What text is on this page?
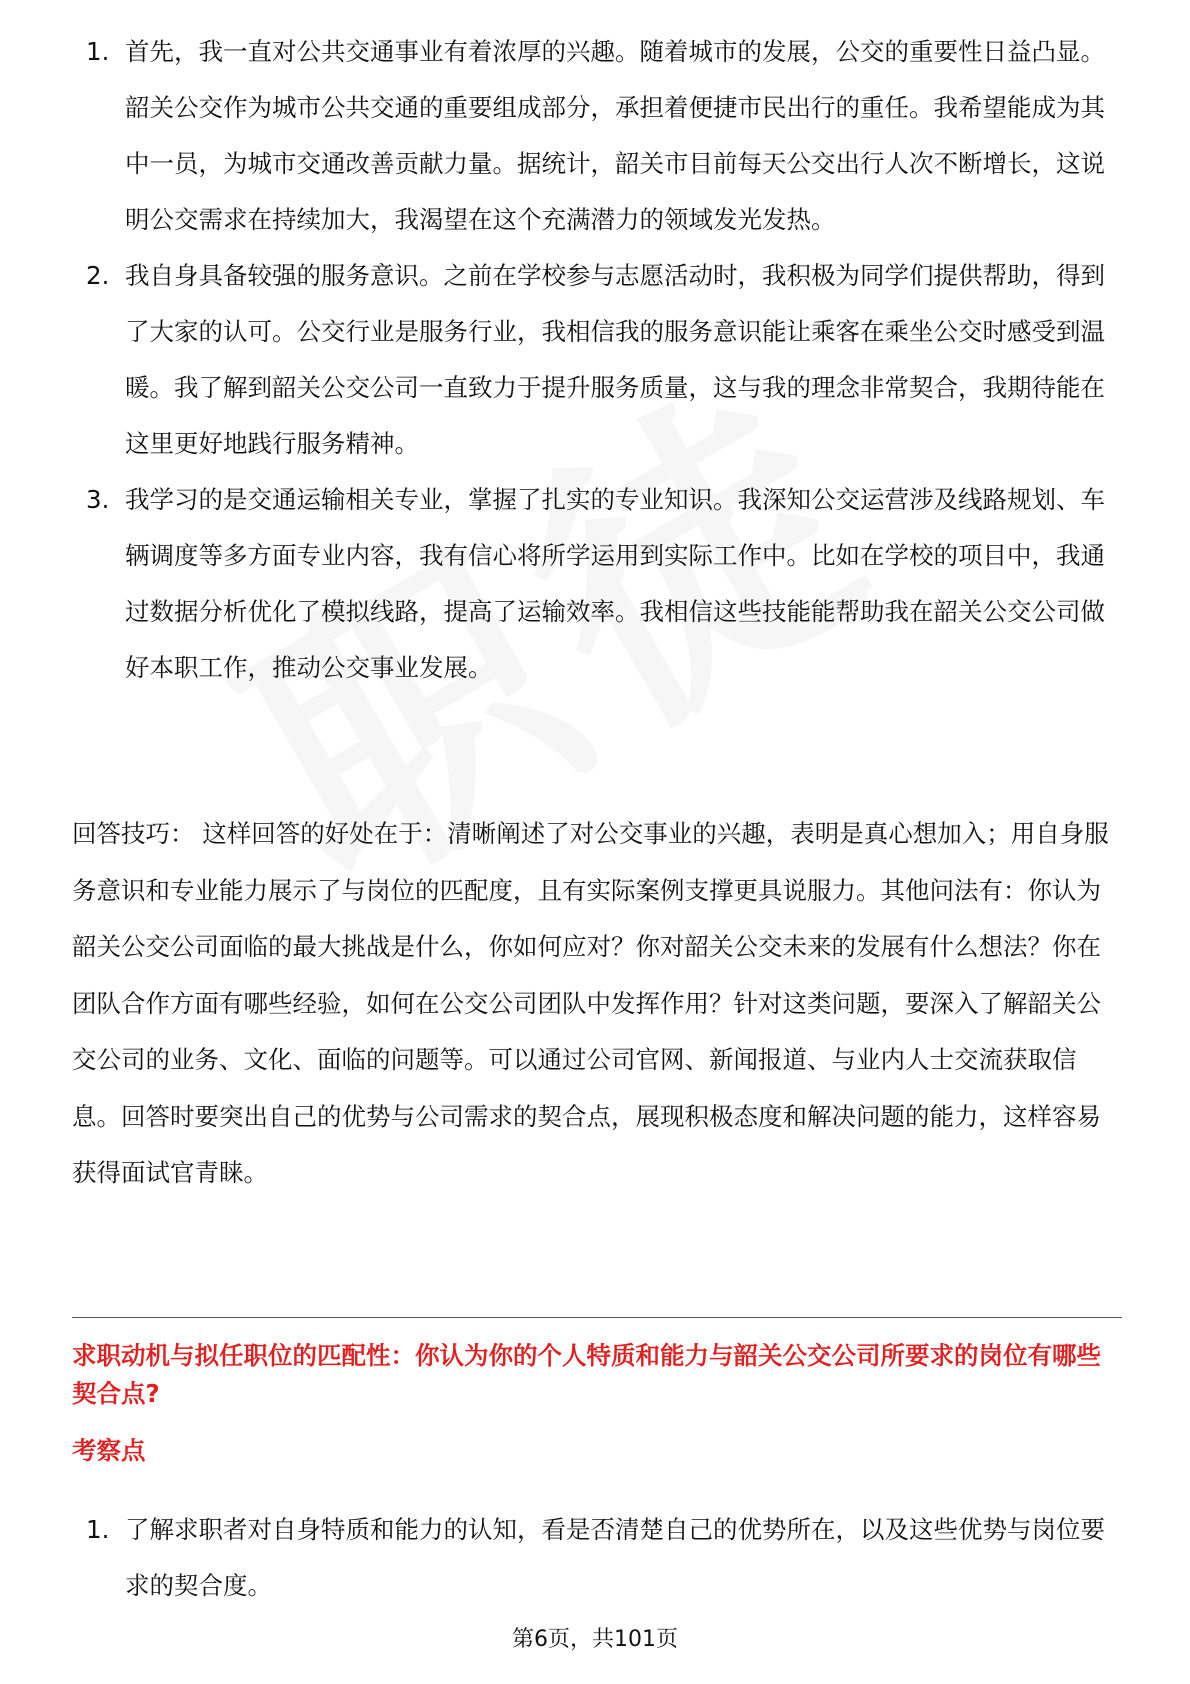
1. 首先，我一直对公共交通事业有着浓厚的兴趣。随着城市的发展，公交的重要性日益凸显。韶关公交作为城市公共交通的重要组成部分，承担着便捷市民出行的重任。我希望能成为其中一员，为城市交通改善贡献力量。据统计，韶关市目前每天公交出行人次不断增长，这说明公交需求在持续加大，我渴望在这个充满潜力的领域发光发热。
2. 我自身具备较强的服务意识。之前在学校参与志愿活动时，我积极为同学们提供帮助，得到了大家的认可。公交行业是服务行业，我相信我的服务意识能让乘客在乘坐公交时感受到温暖。我了解到韶关公交公司一直致力于提升服务质量，这与我的理念非常契合，我期待能在这里更好地践行服务精神。
3. 我学习的是交通运输相关专业，掌握了扎实的专业知识。我深知公交运营涉及线路规划、车辆调度等多方面专业内容，我有信心将所学运用到实际工作中。比如在学校的项目中，我通过数据分析优化了模拟线路，提高了运输效率。我相信这些技能能帮助我在韶关公交公司做好本职工作，推动公交事业发展。
回答技巧： 这样回答的好处在于：清晰阐述了对公交事业的兴趣，表明是真心想加入；用自身服务意识和专业能力展示了与岗位的匹配度，且有实际案例支撑更具说服力。其他问法有：你认为韶关公交公司面临的最大挑战是什么，你如何应对？你对韶关公交未来的发展有什么想法？你在团队合作方面有哪些经验，如何在公交公司团队中发挥作用？针对这类问题，要深入了解韶关公交公司的业务、文化、面临的问题等。可以通过公司官网、新闻报道、与业内人士交流获取信息。回答时要突出自己的优势与公司需求的契合点，展现积极态度和解决问题的能力，这样容易获得面试官青睐。
求职动机与拟任职位的匹配性：你认为你的个人特质和能力与韶关公交公司所要求的岗位有哪些契合点?
考察点
1. 了解求职者对自身特质和能力的认知，看是否清楚自己的优势所在，以及这些优势与岗位要求的契合度。
第6页，共101页
